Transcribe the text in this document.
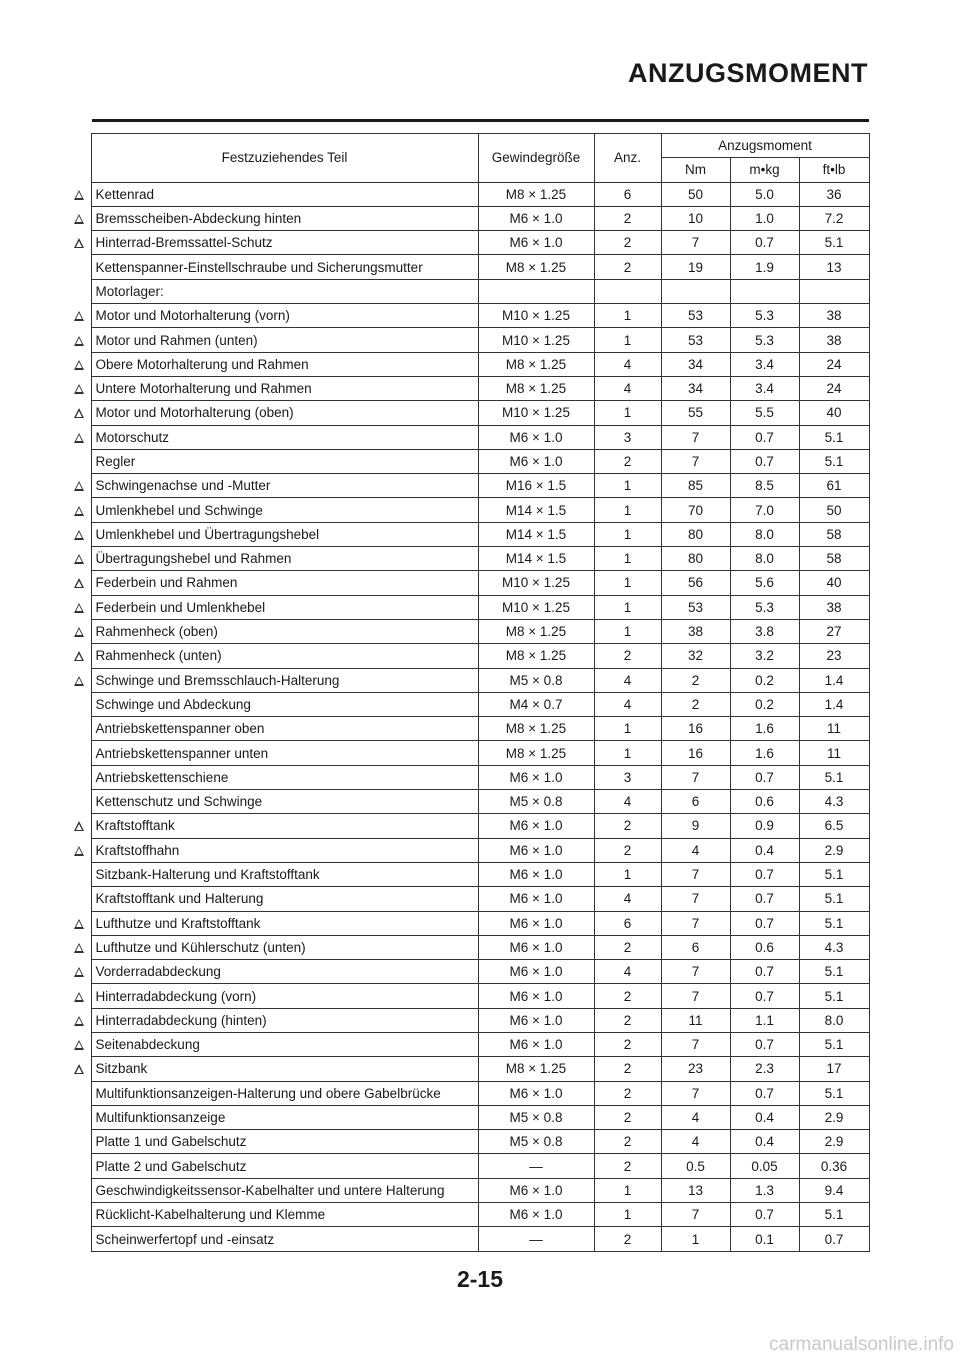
ANZUGSMOMENT
	Festzuziehendes Teil	Gewindegröße	Anz.	Anzugsmoment		
				Nm	m•kg	ft•lb
	Kettenrad	M8 × 1.25	6	50	5.0	36
	Bremsscheiben-Abdeckung hinten	M6 × 1.0	2	10	1.0	7.2
	Hinterrad-Bremssattel-Schutz	M6 × 1.0	2	7	0.7	5.1
	Kettenspanner-Einstellschraube und Sicherungsmutter	M8 × 1.25	2	19	1.9	13
	Motorlager:					
	Motor und Motorhalterung (vorn)	M10 × 1.25	1	53	5.3	38
	Motor und Rahmen (unten)	M10 × 1.25	1	53	5.3	38
	Obere Motorhalterung und Rahmen	M8 × 1.25	4	34	3.4	24
	Untere Motorhalterung und Rahmen	M8 × 1.25	4	34	3.4	24
	Motor und Motorhalterung (oben)	M10 × 1.25	1	55	5.5	40
	Motorschutz	M6 × 1.0	3	7	0.7	5.1
	Regler	M6 × 1.0	2	7	0.7	5.1
	Schwingenachse und -Mutter	M16 × 1.5	1	85	8.5	61
	Umlenkhebel und Schwinge	M14 × 1.5	1	70	7.0	50
	Umlenkhebel und Übertragungshebel	M14 × 1.5	1	80	8.0	58
	Übertragungshebel und Rahmen	M14 × 1.5	1	80	8.0	58
	Federbein und Rahmen	M10 × 1.25	1	56	5.6	40
	Federbein und Umlenkhebel	M10 × 1.25	1	53	5.3	38
	Rahmenheck (oben)	M8 × 1.25	1	38	3.8	27
	Rahmenheck (unten)	M8 × 1.25	2	32	3.2	23
	Schwinge und Bremsschlauch-Halterung	M5 × 0.8	4	2	0.2	1.4
	Schwinge und Abdeckung	M4 × 0.7	4	2	0.2	1.4
	Antriebskettenspanner oben	M8 × 1.25	1	16	1.6	11
	Antriebskettenspanner unten	M8 × 1.25	1	16	1.6	11
	Antriebskettenschiene	M6 × 1.0	3	7	0.7	5.1
	Kettenschutz und Schwinge	M5 × 0.8	4	6	0.6	4.3
	Kraftstofftank	M6 × 1.0	2	9	0.9	6.5
	Kraftstoffhahn	M6 × 1.0	2	4	0.4	2.9
	Sitzbank-Halterung und Kraftstofftank	M6 × 1.0	1	7	0.7	5.1
	Kraftstofftank und Halterung	M6 × 1.0	4	7	0.7	5.1
	Lufthutze und Kraftstofftank	M6 × 1.0	6	7	0.7	5.1
	Lufthutze und Kühlerschutz (unten)	M6 × 1.0	2	6	0.6	4.3
	Vorderradabdeckung	M6 × 1.0	4	7	0.7	5.1
	Hinterradabdeckung (vorn)	M6 × 1.0	2	7	0.7	5.1
	Hinterradabdeckung (hinten)	M6 × 1.0	2	11	1.1	8.0
	Seitenabdeckung	M6 × 1.0	2	7	0.7	5.1
	Sitzbank	M8 × 1.25	2	23	2.3	17
	Multifunktionsanzeigen-Halterung und obere Gabelbrücke	M6 × 1.0	2	7	0.7	5.1
	Multifunktionsanzeige	M5 × 0.8	2	4	0.4	2.9
	Platte 1 und Gabelschutz	M5 × 0.8	2	4	0.4	2.9
	Platte 2 und Gabelschutz	—	2	0.5	0.05	0.36
	Geschwindigkeitssensor-Kabelhalter und untere Halterung	M6 × 1.0	1	13	1.3	9.4
	Rücklicht-Kabelhalterung und Klemme	M6 × 1.0	1	7	0.7	5.1
	Scheinwerfertopf und -einsatz	—	2	1	0.1	0.7
2-15
carmanualsonline.info
